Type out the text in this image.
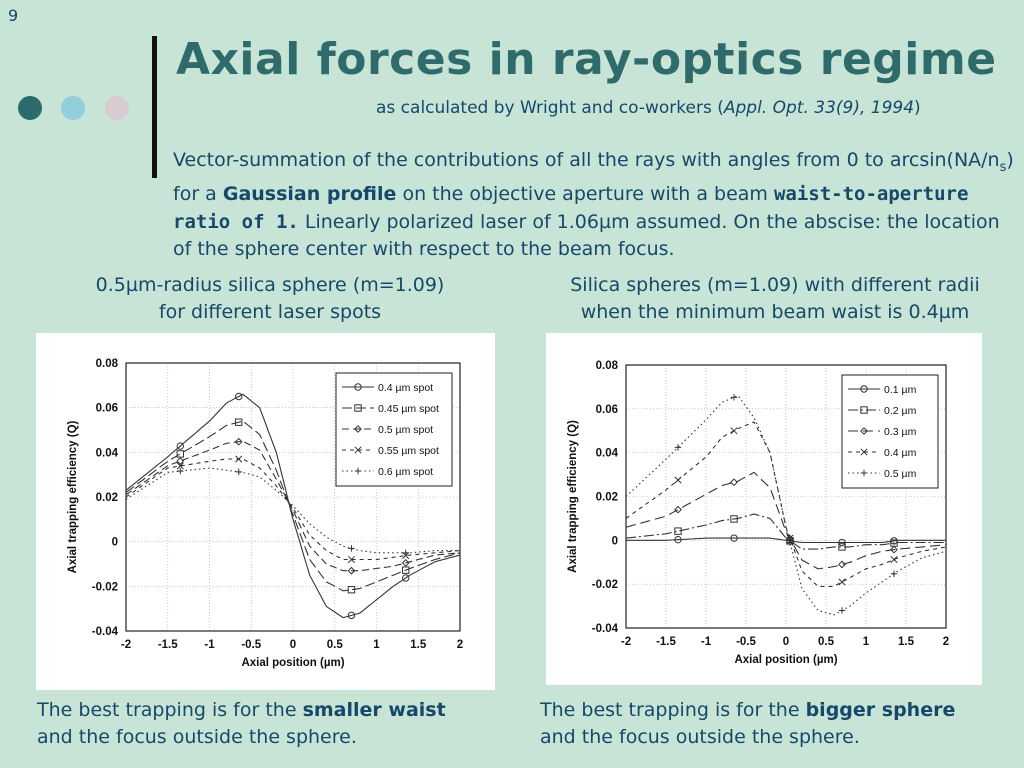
9
Axial forces in ray-optics regime
as calculated by Wright and co-workers (Appl. Opt. 33(9), 1994)
Vector-summation of the contributions of all the rays with angles from 0 to $\arcsin(NA/n_s)$ for a Gaussian profile on the objective aperture with a beam waist-to-aperture ratio of 1. Linearly polarized laser of 1.06µm assumed. On the abscise: the location of the sphere center with respect to the beam focus.
0.5µm-radius silica sphere (m=1.09)
for different laser spots
Silica spheres (m=1.09) with different radii
when the minimum beam waist is 0.4µm
-2 -1.5 -1 -0.5 0	0.5	1	1.5	2
0.08
0.06
0.04
0.02
0
-0.02
-0.04
Axial position (µm)
Axial trapping efficiency (Q)
0.4 µm spot
0.45 µm spot
0.5 µm spot
0.55 µm spot
0.6 µm spot
-2 -1.5 -1 -0.5 0	0.5	1	1.5	2
0.08
0.06
0.04
0.02
0
-0.02
-0.04
Axial position (µm)
Axial trapping efficiency (Q)
0.1 µm
0.2 µm
0.3 µm
0.4 µm
0.5 µm
The best trapping is for the smaller waist
and the focus outside the sphere.
The best trapping is for the bigger sphere
and the focus outside the sphere.
